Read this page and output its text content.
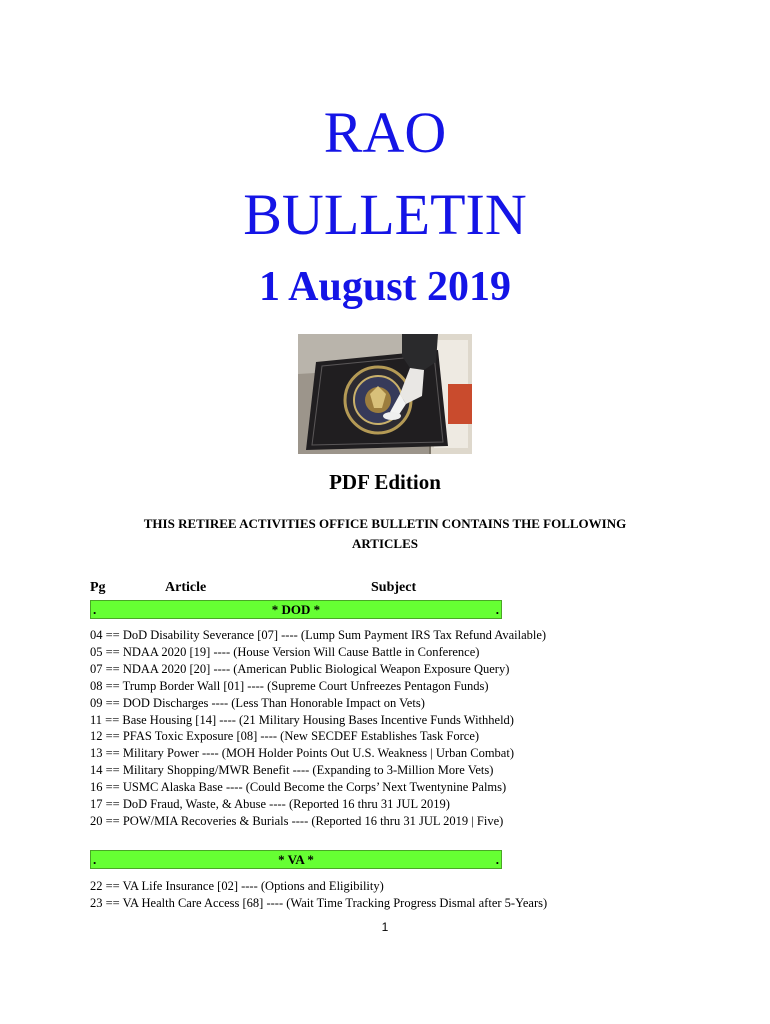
RAO
BULLETIN
1 August 2019
PDF Edition
THIS RETIREE ACTIVITIES OFFICE BULLETIN CONTAINS THE FOLLOWING ARTICLES
Pg	Article	Subject
.	* DOD *	.
04 == DoD Disability Severance [07] ---- (Lump Sum Payment IRS Tax Refund Available)
05 == NDAA 2020 [19] ---- (House Version Will Cause Battle in Conference)
07 == NDAA 2020 [20] ---- (American Public Biological Weapon Exposure Query)
08 == Trump Border Wall [01] ---- (Supreme Court Unfreezes Pentagon Funds)
09 == DOD Discharges ---- (Less Than Honorable Impact on Vets)
11 == Base Housing [14] ---- (21 Military Housing Bases Incentive Funds Withheld)
12 == PFAS Toxic Exposure [08] ---- (New SECDEF Establishes Task Force)
13 == Military Power ---- (MOH Holder Points Out U.S. Weakness | Urban Combat)
14 == Military Shopping/MWR Benefit ---- (Expanding to 3-Million More Vets)
16 == USMC Alaska Base ---- (Could Become the Corps’ Next Twentynine Palms)
17 == DoD Fraud, Waste, & Abuse ---- (Reported 16 thru 31 JUL 2019)
20 == POW/MIA Recoveries & Burials ---- (Reported 16 thru 31 JUL 2019 | Five)
.	* VA *	.
22 == VA Life Insurance [02] ---- (Options and Eligibility)
23 == VA Health Care Access [68] ---- (Wait Time Tracking Progress Dismal after 5-Years)
1
